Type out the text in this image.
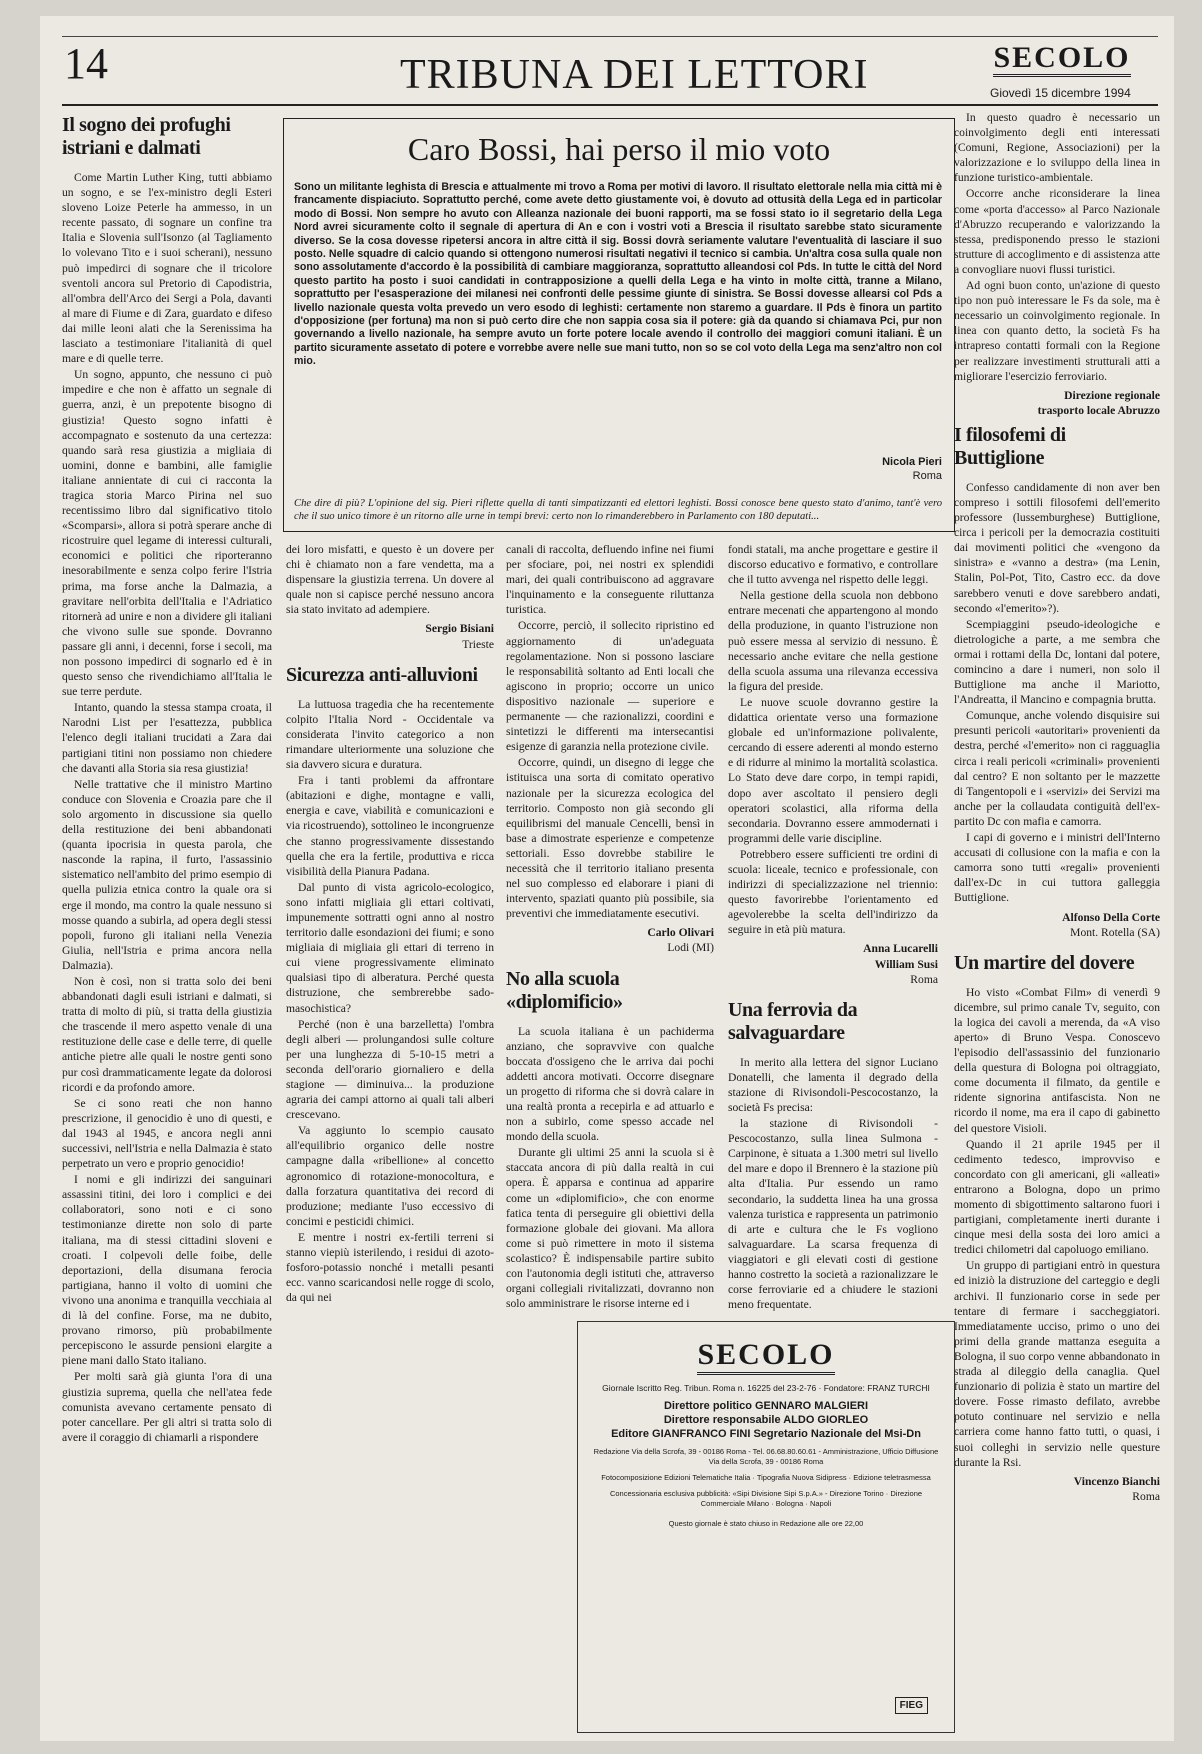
14	TRIBUNA DEI LETTORI	SECOLO
Giovedì 15 dicembre 1994
Il sogno dei profughi istriani e dalmati

Come Martin Luther King, tutti abbiamo un sogno, e se l'ex-ministro degli Esteri sloveno Loize Peterle ha ammesso, in un recente passato, di sognare un confine tra Italia e Slovenia sull'Isonzo (al Tagliamento lo volevano Tito e i suoi scherani), nessuno può impedirci di sognare che il tricolore sventoli ancora sul Pretorio di Capodistria, all'ombra dell'Arco dei Sergi a Pola, davanti al mare di Fiume e di Zara, guardato e difeso dai mille leoni alati che la Serenissima ha lasciato a testimoniare l'italianità di quel mare e di quelle terre.

Un sogno, appunto, che nessuno ci può impedire e che non è affatto un segnale di guerra, anzi, è un prepotente bisogno di giustizia! Questo sogno infatti è accompagnato e sostenuto da una certezza: quando sarà resa giustizia a migliaia di uomini, donne e bambini, alle famiglie italiane annientate di cui ci racconta la tragica storia Marco Pirina nel suo recentissimo libro dal significativo titolo «Scomparsi», allora si potrà sperare anche di ricostruire quel legame di interessi culturali, economici e politici che riporteranno inesorabilmente e senza colpo ferire l'Istria prima, ma forse anche la Dalmazia, a gravitare nell'orbita dell'Italia e l'Adriatico ritornerà ad unire e non a dividere gli italiani che vivono sulle sue sponde. Dovranno passare gli anni, i decenni, forse i secoli, ma non possono impedirci di sognarlo ed è in questo senso che rivendichiamo all'Italia le sue terre perdute.

Intanto, quando la stessa stampa croata, il Narodni List per l'esattezza, pubblica l'elenco degli italiani trucidati a Zara dai partigiani titini non possiamo non chiedere che davanti alla Storia sia resa giustizia!

Nelle trattative che il ministro Martino conduce con Slovenia e Croazia pare che il solo argomento in discussione sia quello della restituzione dei beni abbandonati (quanta ipocrisia in questa parola, che nasconde la rapina, il furto, l'assassinio sistematico nell'ambito del primo esempio di quella pulizia etnica contro la quale ora si erge il mondo, ma contro la quale nessuno si mosse quando a subirla, ad opera degli stessi popoli, furono gli italiani nella Venezia Giulia, nell'Istria e prima ancora nella Dalmazia).

Non è così, non si tratta solo dei beni abbandonati dagli esuli istriani e dalmati, si tratta di molto di più, si tratta della giustizia che trascende il mero aspetto venale di una restituzione delle case e delle terre, di quelle antiche pietre alle quali le nostre genti sono pur così drammaticamente legate da dolorosi ricordi e da profondo amore.

Se ci sono reati che non hanno prescrizione, il genocidio è uno di questi, e dal 1943 al 1945, e ancora negli anni successivi, nell'Istria e nella Dalmazia è stato perpetrato un vero e proprio genocidio!

I nomi e gli indirizzi dei sanguinari assassini titini, dei loro i complici e dei collaboratori, sono noti e ci sono testimonianze dirette non solo di parte italiana, ma di stessi cittadini sloveni e croati. I colpevoli delle foibe, delle deportazioni, della disumana ferocia partigiana, hanno il volto di uomini che vivono una anonima e tranquilla vecchiaia al di là del confine. Forse, ma ne dubito, provano rimorso, più probabilmente percepiscono le assurde pensioni elargite a piene mani dallo Stato italiano.

Per molti sarà già giunta l'ora di una giustizia suprema, quella che nell'atea fede comunista avevano certamente pensato di poter cancellare. Per gli altri si tratta solo di avere il coraggio di chiamarli a rispondere

Caro Bossi, hai perso il mio voto
Sono un militante leghista di Brescia e attualmente mi trovo a Roma per motivi di lavoro. Il risultato elettorale nella mia città mi è francamente dispiaciuto. Soprattutto perché, come avete detto giustamente voi, è dovuto ad ottusità della Lega ed in particolar modo di Bossi. Non sempre ho avuto con Alleanza nazionale dei buoni rapporti, ma se fossi stato io il segretario della Lega Nord avrei sicuramente colto il segnale di apertura di An e con i vostri voti a Brescia il risultato sarebbe stato sicuramente diverso. Se la cosa dovesse ripetersi ancora in altre città il sig. Bossi dovrà seriamente valutare l'eventualità di lasciare il suo posto. Nelle squadre di calcio quando si ottengono numerosi risultati negativi il tecnico si cambia. Un'altra cosa sulla quale non sono assolutamente d'accordo è la possibilità di cambiare maggioranza, soprattutto alleandosi col Pds. In tutte le città del Nord questo partito ha posto i suoi candidati in contrapposizione a quelli della Lega e ha vinto in molte città, tranne a Milano, soprattutto per l'esasperazione dei milanesi nei confronti delle pessime giunte di sinistra. Se Bossi dovesse allearsi col Pds a livello nazionale questa volta prevedo un vero esodo di leghisti: certamente non staremo a guardare. Il Pds è finora un partito d'opposizione (per fortuna) ma non si può certo dire che non sappia cosa sia il potere: già da quando si chiamava Pci, pur non governando a livello nazionale, ha sempre avuto un forte potere locale avendo il controllo dei maggiori comuni italiani. È un partito sicuramente assetato di potere e vorrebbe avere nelle sue mani tutto, non so se col voto della Lega ma senz'altro non col mio.
Nicola Pieri
Roma
Che dire di più? L'opinione del sig. Pieri riflette quella di tanti simpatizzanti ed elettori leghisti. Bossi conosce bene questo stato d'animo, tant'è vero che il suo unico timore è un ritorno alle urne in tempi brevi: certo non lo rimanderebbero in Parlamento con 180 deputati...

dei loro misfatti, e questo è un dovere per chi è chiamato non a fare vendetta, ma a dispensare la giustizia terrena. Un dovere al quale non si capisce perché nessuno ancora sia stato invitato ad adempiere.

Sergio Bisiani
Trieste
Sicurezza anti-alluvioni

La luttuosa tragedia che ha recentemente colpito l'Italia Nord - Occidentale va considerata l'invito categorico a non rimandare ulteriormente una soluzione che sia davvero sicura e duratura.

Fra i tanti problemi da affrontare (abitazioni e dighe, montagne e valli, energia e cave, viabilità e comunicazioni e via ricostruendo), sottolineo le incongruenze che stanno progressivamente dissestando quella che era la fertile, produttiva e ricca visibilità della Pianura Padana.

Dal punto di vista agricolo-ecologico, sono infatti migliaia gli ettari coltivati, impunemente sottratti ogni anno al nostro territorio dalle esondazioni dei fiumi; e sono migliaia di migliaia gli ettari di terreno in cui viene progressivamente eliminato qualsiasi tipo di alberatura. Perché questa distruzione, che sembrerebbe sado-masochistica?

Perché (non è una barzelletta) l'ombra degli alberi — prolungandosi sulle colture per una lunghezza di 5-10-15 metri a seconda dell'orario giornaliero e della stagione — diminuiva... la produzione agraria dei campi attorno ai quali tali alberi crescevano.

Va aggiunto lo scempio causato all'equilibrio organico delle nostre campagne dalla «ribellione» al concetto agronomico di rotazione-monocoltura, e dalla forzatura quantitativa dei record di produzione; mediante l'uso eccessivo di concimi e pesticidi chimici.

E mentre i nostri ex-fertili terreni si stanno viepiù isterilendo, i residui di azoto-fosforo-potassio nonché i metalli pesanti ecc. vanno scaricandosi nelle rogge di scolo, da qui nei

canali di raccolta, defluendo infine nei fiumi per sfociare, poi, nei nostri ex splendidi mari, dei quali contribuiscono ad aggravare l'inquinamento e la conseguente riluttanza turistica.

Occorre, perciò, il sollecito ripristino ed aggiornamento di un'adeguata regolamentazione. Non si possono lasciare le responsabilità soltanto ad Enti locali che agiscono in proprio; occorre un unico dispositivo nazionale — superiore e permanente — che razionalizzi, coordini e sintetizzi le differenti ma intersecantisi esigenze di garanzia nella protezione civile.

Occorre, quindi, un disegno di legge che istituisca una sorta di comitato operativo nazionale per la sicurezza ecologica del territorio. Composto non già secondo gli equilibrismi del manuale Cencelli, bensì in base a dimostrate esperienze e competenze settoriali. Esso dovrebbe stabilire le necessità che il territorio italiano presenta nel suo complesso ed elaborare i piani di intervento, spaziati quanto più possibile, sia preventivi che immediatamente esecutivi.

Carlo Olivari
Lodi (MI)
No alla scuola «diplomificio»

La scuola italiana è un pachiderma anziano, che sopravvive con qualche boccata d'ossigeno che le arriva dai pochi addetti ancora motivati. Occorre disegnare un progetto di riforma che si dovrà calare in una realtà pronta a recepirla e ad attuarlo e non a subirlo, come spesso accade nel mondo della scuola.

Durante gli ultimi 25 anni la scuola si è staccata ancora di più dalla realtà in cui opera. È apparsa e continua ad apparire come un «diplomificio», che con enorme fatica tenta di perseguire gli obiettivi della formazione globale dei giovani. Ma allora come si può rimettere in moto il sistema scolastico? È indispensabile partire subito con l'autonomia degli istituti che, attraverso organi collegiali rivitalizzati, dovranno non solo amministrare le risorse interne ed i

fondi statali, ma anche progettare e gestire il discorso educativo e formativo, e controllare che il tutto avvenga nel rispetto delle leggi.

Nella gestione della scuola non debbono entrare mecenati che appartengono al mondo della produzione, in quanto l'istruzione non può essere messa al servizio di nessuno. È necessario anche evitare che nella gestione della scuola assuma una rilevanza eccessiva la figura del preside.

Le nuove scuole dovranno gestire la didattica orientate verso una formazione globale ed un'informazione polivalente, cercando di essere aderenti al mondo esterno e di ridurre al minimo la mortalità scolastica. Lo Stato deve dare corpo, in tempi rapidi, dopo aver ascoltato il pensiero degli operatori scolastici, alla riforma della secondaria. Dovranno essere ammodernati i programmi delle varie discipline.

Potrebbero essere sufficienti tre ordini di scuola: liceale, tecnico e professionale, con indirizzi di specializzazione nel triennio: questo favorirebbe l'orientamento ed agevolerebbe la scelta dell'indirizzo da seguire in età più matura.

Anna Lucarelli
William Susi
Roma
Una ferrovia da salvaguardare

In merito alla lettera del signor Luciano Donatelli, che lamenta il degrado della stazione di Rivisondoli-Pescocostanzo, la società Fs precisa:

la stazione di Rivisondoli - Pescocostanzo, sulla linea Sulmona - Carpinone, è situata a 1.300 metri sul livello del mare e dopo il Brennero è la stazione più alta d'Italia. Pur essendo un ramo secondario, la suddetta linea ha una grossa valenza turistica e rappresenta un patrimonio di arte e cultura che le Fs vogliono salvaguardare. La scarsa frequenza di viaggiatori e gli elevati costi di gestione hanno costretto la società a razionalizzare le corse ferroviarie ed a chiudere le stazioni meno frequentate.

SECOLO
Giornale Iscritto Reg. Tribun. Roma n. 16225 del 23-2-76 · Fondatore: FRANZ TURCHI
Direttore politico GENNARO MALGIERI
Direttore responsabile ALDO GIORLEO
Editore GIANFRANCO FINI Segretario Nazionale del Msi-Dn
Redazione Via della Scrofa, 39 - 00186 Roma - Tel. 06.68.80.60.61 - Amministrazione, Ufficio Diffusione Via della Scrofa, 39 - 00186 Roma
Fotocomposizione Edizioni Telematiche Italia · Tipografia Nuova Sidipress · Edizione teletrasmessa
Concessionaria esclusiva pubblicità: «Sipi Divisione Sipi S.p.A.» - Direzione Torino · Direzione Commerciale Milano · Bologna · Napoli
Questo giornale è stato chiuso in Redazione alle ore 22,00
FIEG

In questo quadro è necessario un coinvolgimento degli enti interessati (Comuni, Regione, Associazioni) per la valorizzazione e lo sviluppo della linea in funzione turistico-ambientale.

Occorre anche riconsiderare la linea come «porta d'accesso» al Parco Nazionale d'Abruzzo recuperando e valorizzando la stessa, predisponendo presso le stazioni strutture di accoglimento e di assistenza atte a convogliare nuovi flussi turistici.

Ad ogni buon conto, un'azione di questo tipo non può interessare le Fs da sole, ma è necessario un coinvolgimento regionale. In linea con quanto detto, la società Fs ha intrapreso contatti formali con la Regione per realizzare investimenti strutturali atti a migliorare l'esercizio ferroviario.

Direzione regionale
trasporto locale Abruzzo
I filosofemi di Buttiglione

Confesso candidamente di non aver ben compreso i sottili filosofemi dell'emerito professore (lussemburghese) Buttiglione, circa i pericoli per la democrazia costituiti dai movimenti politici che «vengono da sinistra» e «vanno a destra» (ma Lenin, Stalin, Pol-Pot, Tito, Castro ecc. da dove sarebbero venuti e dove sarebbero andati, secondo «l'emerito»?).

Scempiaggini pseudo-ideologiche e dietrologiche a parte, a me sembra che ormai i rottami della Dc, lontani dal potere, comincino a dare i numeri, non solo il Buttiglione ma anche il Mariotto, l'Andreatta, il Mancino e compagnia brutta.

Comunque, anche volendo disquisire sui presunti pericoli «autoritari» provenienti da destra, perché «l'emerito» non ci ragguaglia circa i reali pericoli «criminali» provenienti dal centro? E non soltanto per le mazzette di Tangentopoli e i «servizi» dei Servizi ma anche per la collaudata contiguità dell'ex-partito Dc con mafia e camorra.

I capi di governo e i ministri dell'Interno accusati di collusione con la mafia e con la camorra sono tutti «regali» provenienti dall'ex-Dc in cui tuttora galleggia Buttiglione.

Alfonso Della Corte
Mont. Rotella (SA)
Un martire del dovere

Ho visto «Combat Film» di venerdì 9 dicembre, sul primo canale Tv, seguito, con la logica dei cavoli a merenda, da «A viso aperto» di Bruno Vespa. Conoscevo l'episodio dell'assassinio del funzionario della questura di Bologna poi oltraggiato, come documenta il filmato, da gentile e ridente signorina antifascista. Non ne ricordo il nome, ma era il capo di gabinetto del questore Visioli.

Quando il 21 aprile 1945 per il cedimento tedesco, improvviso e concordato con gli americani, gli «alleati» entrarono a Bologna, dopo un primo momento di sbigottimento saltarono fuori i partigiani, completamente inerti durante i cinque mesi della sosta dei loro amici a tredici chilometri dal capoluogo emiliano.

Un gruppo di partigiani entrò in questura ed iniziò la distruzione del carteggio e degli archivi. Il funzionario corse in sede per tentare di fermare i saccheggiatori. Immediatamente ucciso, primo o uno dei primi della grande mattanza eseguita a Bologna, il suo corpo venne abbandonato in strada al dileggio della canaglia. Quel funzionario di polizia è stato un martire del dovere. Fosse rimasto defilato, avrebbe potuto continuare nel servizio e nella carriera come hanno fatto tutti, o quasi, i suoi colleghi in servizio nelle questure durante la Rsi.

Vincenzo Bianchi
Roma
